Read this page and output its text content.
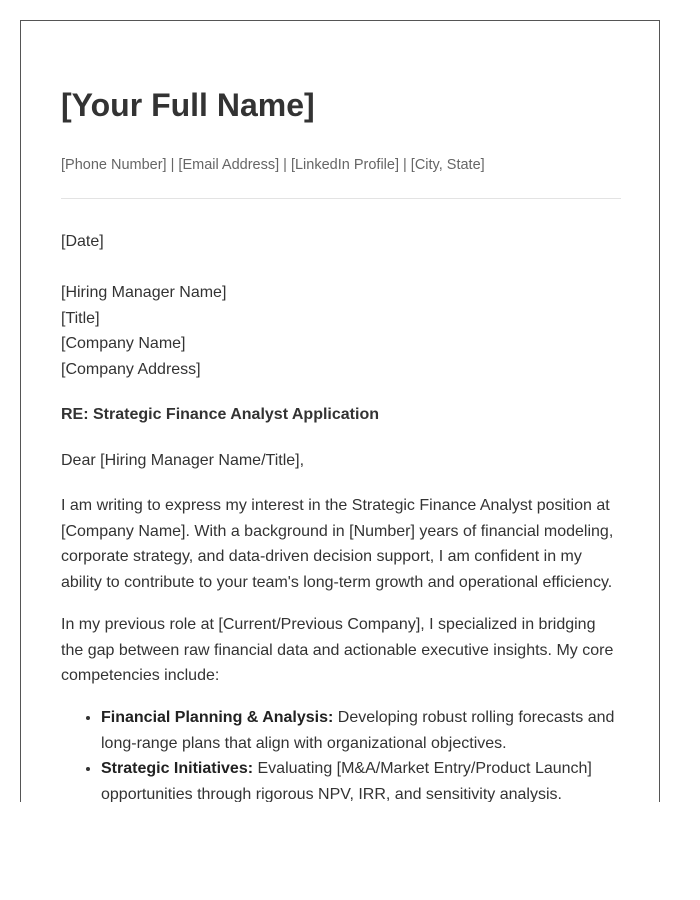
[Your Full Name]
[Phone Number] | [Email Address] | [LinkedIn Profile] | [City, State]
[Date]
[Hiring Manager Name]
[Title]
[Company Name]
[Company Address]
RE: Strategic Finance Analyst Application
Dear [Hiring Manager Name/Title],

I am writing to express my interest in the Strategic Finance Analyst position at [Company Name]. With a background in [Number] years of financial modeling, corporate strategy, and data-driven decision support, I am confident in my ability to contribute to your team's long-term growth and operational efficiency.

In my previous role at [Current/Previous Company], I specialized in bridging the gap between raw financial data and actionable executive insights. My core competencies include:

• Financial Planning & Analysis: Developing robust rolling forecasts and long-range plans that align with organizational objectives.
• Strategic Initiatives: Evaluating [M&A/Market Entry/Product Launch] opportunities through rigorous NPV, IRR, and sensitivity analysis.
